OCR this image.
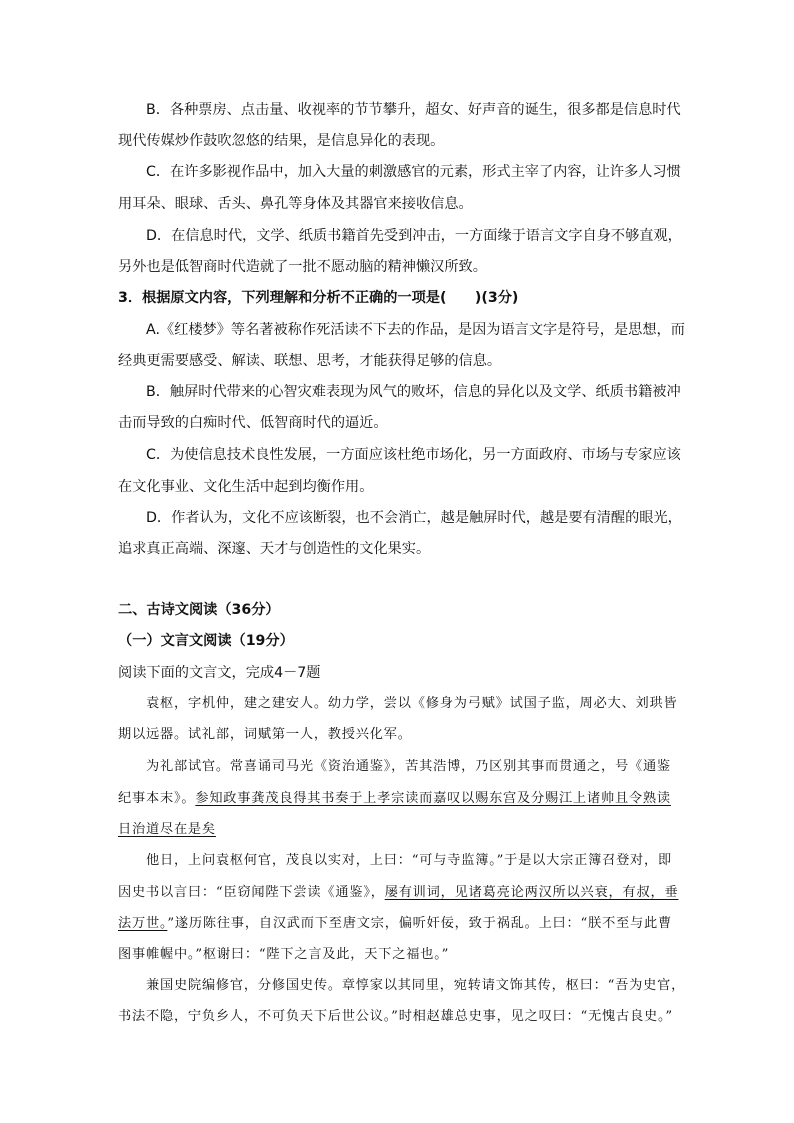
B．各种票房、点击量、收视率的节节攀升，超女、好声音的诞生，很多都是信息时代
现代传媒炒作鼓吹忽悠的结果，是信息异化的表现。
C．在许多影视作品中，加入大量的刺激感官的元素，形式主宰了内容，让许多人习惯
用耳朵、眼球、舌头、鼻孔等身体及其器官来接收信息。
D．在信息时代，文学、纸质书籍首先受到冲击，一方面缘于语言文字自身不够直观，
另外也是低智商时代造就了一批不愿动脑的精神懒汉所致。
3．根据原文内容，下列理解和分析不正确的一项是(　　)(3分)
A.《红楼梦》等名著被称作死活读不下去的作品，是因为语言文字是符号，是思想，而
经典更需要感受、解读、联想、思考，才能获得足够的信息。
B．触屏时代带来的心智灾难表现为风气的败坏，信息的异化以及文学、纸质书籍被冲
击而导致的白痴时代、低智商时代的逼近。
C．为使信息技术良性发展，一方面应该杜绝市场化，另一方面政府、市场与专家应该
在文化事业、文化生活中起到均衡作用。
D．作者认为，文化不应该断裂，也不会消亡，越是触屏时代，越是要有清醒的眼光，
追求真正高端、深邃、天才与创造性的文化果实。
二、古诗文阅读（36分）
（一）文言文阅读（19分）
阅读下面的文言文，完成4－7题
袁枢，字机仲，建之建安人。幼力学，尝以《修身为弓赋》试国子监，周必大、刘珙皆
期以远器。试礼部，词赋第一人，教授兴化军。
为礼部试官。常喜诵司马光《资治通鉴》，苦其浩博，乃区别其事而贯通之，号《通鉴
纪事本末》。参知政事龚茂良得其书奏于上孝宗读而嘉叹以赐东宫及分赐江上诸帅且令熟读
日治道尽在是矣
他日，上问袁枢何官，茂良以实对，上曰：“可与寺监簿。”于是以大宗正簿召登对，即
因史书以言曰：“臣窃闻陛下尝读《通鉴》，屡有训词，见诸葛亮论两汉所以兴衰，有叔，垂
法万世。”遂历陈往事，自汉武而下至唐文宗，偏听奸佞，致于祸乱。上曰：“朕不至与此曹
图事帷幄中。”枢谢曰：“陛下之言及此，天下之福也。”
兼国史院编修官，分修国史传。章惇家以其同里，宛转请文饰其传，枢曰：“吾为史官，
书法不隐，宁负乡人，不可负天下后世公议。”时相赵雄总史事，见之叹曰：“无愧古良史。”
